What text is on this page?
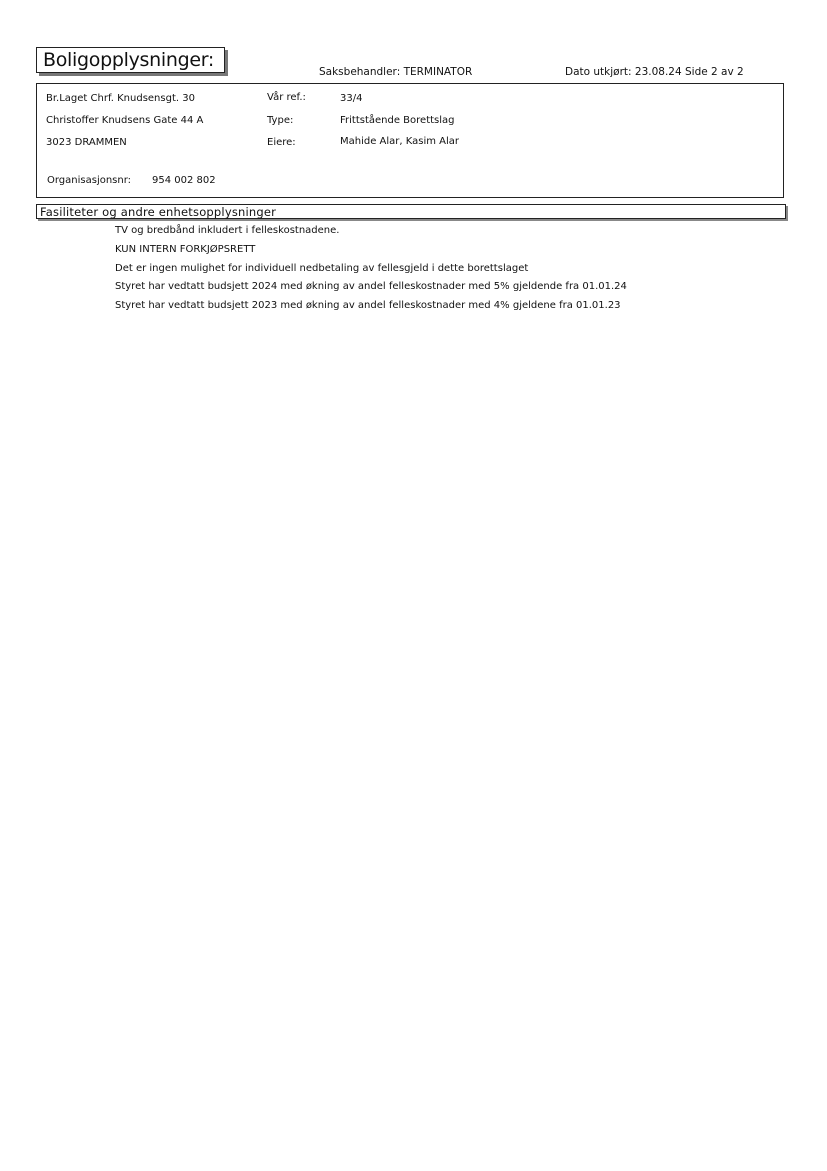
Boligopplysninger:
Saksbehandler: TERMINATOR	Dato utkjørt: 23.08.24 Side 2 av 2
Br.Laget Chrf. Knudsensgt. 30
Christoffer Knudsens Gate 44 A
3023 DRAMMEN
Vår ref.:	33/4
Type:	Frittstående Borettslag
Eiere:	Mahide Alar, Kasim Alar
Organisasjonsnr: 954 002 802
Fasiliteter og andre enhetsopplysninger
TV og bredbånd inkludert i felleskostnadene.
KUN INTERN FORKJØPSRETT
Det er ingen mulighet for individuell nedbetaling av fellesgjeld i dette borettslaget
Styret har vedtatt budsjett 2024 med økning av andel felleskostnader med 5% gjeldende fra 01.01.24
Styret har vedtatt budsjett 2023 med økning av andel felleskostnader med 4% gjeldene fra 01.01.23
